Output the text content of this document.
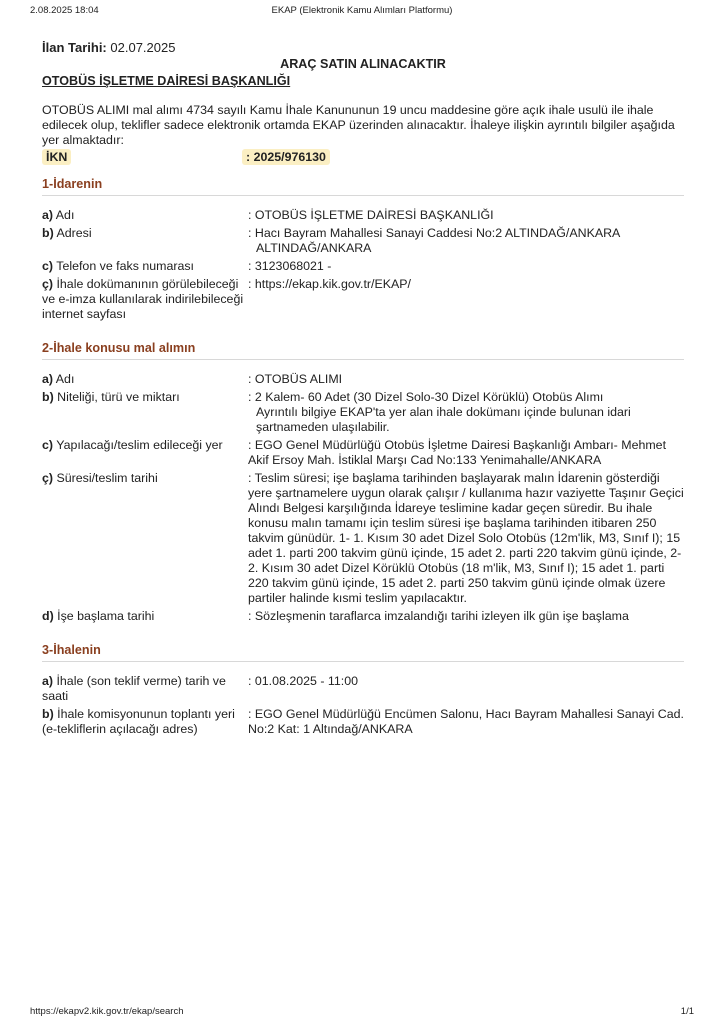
2.08.2025 18:04	EKAP (Elektronik Kamu Alımları Platformu)
İlan Tarihi: 02.07.2025
ARAÇ SATIN ALINACAKTIR
OTOBÜS İŞLETME DAİRESİ BAŞKANLIĞI
OTOBÜS ALIMI mal alımı 4734 sayılı Kamu İhale Kanununun 19 uncu maddesine göre açık ihale usulü ile ihale edilecek olup, teklifler sadece elektronik ortamda EKAP üzerinden alınacaktır. İhaleye ilişkin ayrıntılı bilgiler aşağıda yer almaktadır:
İKN	: 2025/976130
1-İdarenin
a) Adı	: OTOBÜS İŞLETME DAİRESİ BAŞKANLIĞI
b) Adresi	: Hacı Bayram Mahallesi Sanayi Caddesi No:2 ALTINDAĞ/ANKARA
ALTINDAĞ/ANKARA
c) Telefon ve faks numarası	: 3123068021 -
ç) İhale dokümanının görülebileceği ve e-imza kullanılarak indirilebileceği internet sayfası
: https://ekap.kik.gov.tr/EKAP/
2-İhale konusu mal alımın
a) Adı	: OTOBÜS ALIMI
b) Niteliği, türü ve miktarı	: 2 Kalem- 60 Adet (30 Dizel Solo-30 Dizel Körüklü) Otobüs Alımı
Ayrıntılı bilgiye EKAP'ta yer alan ihale dokümanı içinde bulunan idari şartnameden ulaşılabilir.
c) Yapılacağı/teslim edileceği yer	: EGO Genel Müdürlüğü Otobüs İşletme Dairesi Başkanlığı Ambarı- Mehmet Akif Ersoy Mah. İstiklal Marşı Cad No:133 Yenimahalle/ANKARA
ç) Süresi/teslim tarihi	: Teslim süresi; işe başlama tarihinden başlayarak malın İdarenin gösterdiği yere şartnamelere uygun olarak çalışır / kullanıma hazır vaziyette Taşınır Geçici Alındı Belgesi karşılığında İdareye teslimine kadar geçen süredir. Bu ihale konusu malın tamamı için teslim süresi işe başlama tarihinden itibaren 250 takvim günüdür. 1- 1. Kısım 30 adet Dizel Solo Otobüs (12m'lik, M3, Sınıf I); 15 adet 1. parti 200 takvim günü içinde, 15 adet 2. parti 220 takvim günü içinde, 2- 2. Kısım 30 adet Dizel Körüklü Otobüs (18 m'lik, M3, Sınıf I); 15 adet 1. parti 220 takvim günü içinde, 15 adet 2. parti 250 takvim günü içinde olmak üzere partiler halinde kısmi teslim yapılacaktır.
d) İşe başlama tarihi	: Sözleşmenin taraflarca imzalandığı tarihi izleyen ilk gün işe başlama
3-İhalenin
a) İhale (son teklif verme) tarih ve saati
: 01.08.2025 - 11:00
b) İhale komisyonunun toplantı yeri (e-tekliflerin açılacağı adres)
: EGO Genel Müdürlüğü Encümen Salonu, Hacı Bayram Mahallesi Sanayi Cad. No:2 Kat: 1 Altındağ/ANKARA
https://ekapv2.kik.gov.tr/ekap/search	1/1
